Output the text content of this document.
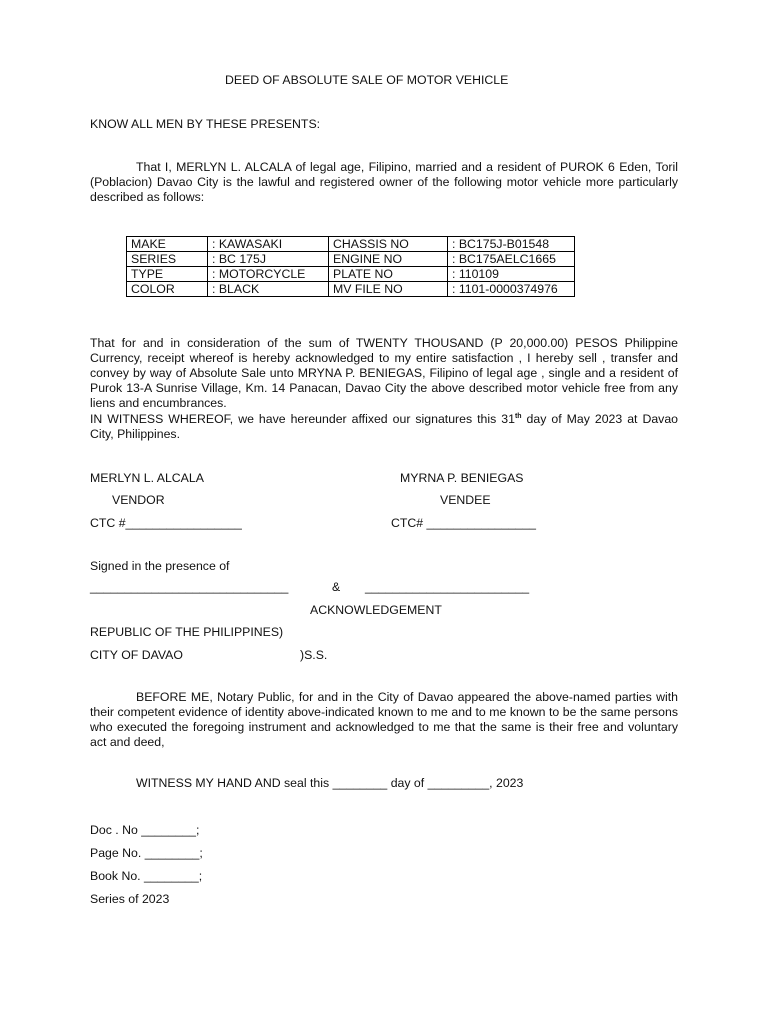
DEED OF ABSOLUTE SALE OF MOTOR VEHICLE
KNOW ALL MEN BY THESE PRESENTS:
That I, MERLYN L. ALCALA of legal age, Filipino, married and a resident of PUROK 6 Eden, Toril (Poblacion) Davao City is the lawful and registered owner of the following motor vehicle more particularly described as follows:
MAKE	: KAWASAKI	CHASSIS NO	: BC175J-B01548
SERIES	: BC 175J	ENGINE NO	: BC175AELC1665
TYPE	: MOTORCYCLE	PLATE NO	: 110109
COLOR	: BLACK	MV FILE NO	: 1101-0000374976
That for and in consideration of the sum of TWENTY THOUSAND (P 20,000.00) PESOS Philippine Currency, receipt whereof is hereby acknowledged to my entire satisfaction , I hereby sell , transfer and convey by way of Absolute Sale unto MRYNA P. BENIEGAS, Filipino of legal age , single and a resident of Purok 13-A Sunrise Village, Km. 14 Panacan, Davao City the above described motor vehicle free from any liens and encumbrances.
IN WITNESS WHEREOF, we have hereunder affixed our signatures this 31th day of May 2023 at Davao City, Philippines.
MERLYN L. ALCALA	MYRNA P. BENIEGAS
VENDOR	VENDEE
CTC #_________________	CTC# ________________
Signed in the presence of
_____________________________	& ________________________
ACKNOWLEDGEMENT
REPUBLIC OF THE PHILIPPINES)
CITY OF DAVAO	)S.S.
BEFORE ME, Notary Public, for and in the City of Davao appeared the above-named parties with their competent evidence of identity above-indicated known to me and to me known to be the same persons who executed the foregoing instrument and acknowledged to me that the same is their free and voluntary act and deed,
WITNESS MY HAND AND seal this ________ day of _________, 2023
Doc . No ________;
Page No. ________;
Book No. ________;
Series of 2023
